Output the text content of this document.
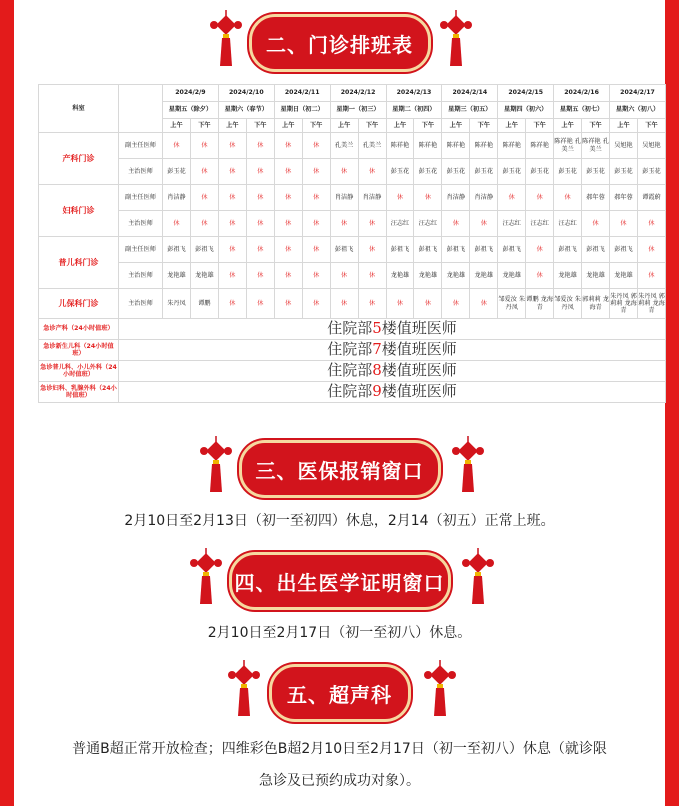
二、门诊排班表
科室		2024/2/9		2024/2/10		2024/2/11		2024/2/12		2024/2/13		2024/2/14		2024/2/15		2024/2/16		2024/2/17	
		星期五（除夕）		星期六（春节）		星期日（初二）		星期一（初三）		星期二（初四）		星期三（初五）		星期四（初六）		星期五（初七）		星期六（初八）	
		上午	下午	上午	下午	上午	下午	上午	下午	上午	下午	上午	下午	上午	下午	上午	下午	上午	下午
产科门诊	副主任医师	休	休	休	休	休	休	孔美兰	孔美兰	陈祥艳	陈祥艳	陈祥艳	陈祥艳	陈祥艳	陈祥艳	陈祥艳 孔美兰	陈祥艳 孔美兰	吴旭艳	吴旭艳
	主治医师	彭玉花	休	休	休	休	休	休	休	彭玉花	彭玉花	彭玉花	彭玉花	彭玉花	彭玉花	彭玉花	彭玉花	彭玉花	彭玉花
妇科门诊	副主任医师	肖洁静	休	休	休	休	休	肖洁静	肖洁静	休	休	肖洁静	肖洁静	休	休	休	郝年蓉	郝年蓉	谭霞蔚
	主治医师	休	休	休	休	休	休	休	休	汪志红	汪志红	休	休	汪志红	汪志红	汪志红	休	休	休
普儿科门诊	副主任医师	彭祖飞	彭祖飞	休	休	休	休	彭祖飞	休	彭祖飞	彭祖飞	彭祖飞	彭祖飞	彭祖飞	休	彭祖飞	彭祖飞	彭祖飞	休
	主治医师	龙艳雄	龙艳雄	休	休	休	休	休	休	龙艳雄	龙艳雄	龙艳雄	龙艳雄	龙艳雄	休	龙艳雄	龙艳雄	龙艳雄	休
儿保科门诊	主治医师	朱丹凤	谭鹏	休	休	休	休	休	休	休	休	休	休	邹爱汝 朱丹凤	谭鹏 龙海青	邹爱汝 朱丹凤	郭莉莉 龙海青	朱丹凤 郭莉莉 龙海青	朱丹凤 郭莉莉 龙海青
急诊产科（24小时值班）	住院部5楼值班医师																		
急诊新生儿科（24小时值班）	住院部7楼值班医师																		
急诊普儿科、小儿外科（24小时值班）	住院部8楼值班医师																		
急诊妇科、乳腺外科（24小时值班）	住院部9楼值班医师																		
三、医保报销窗口
2月10日至2月13日（初一至初四）休息，2月14（初五）正常上班。
四、出生医学证明窗口
2月10日至2月17日（初一至初八）休息。
五、超声科
普通B超正常开放检查；四维彩色B超2月10日至2月17日（初一至初八）休息（就诊限
急诊及已预约成功对象）。
